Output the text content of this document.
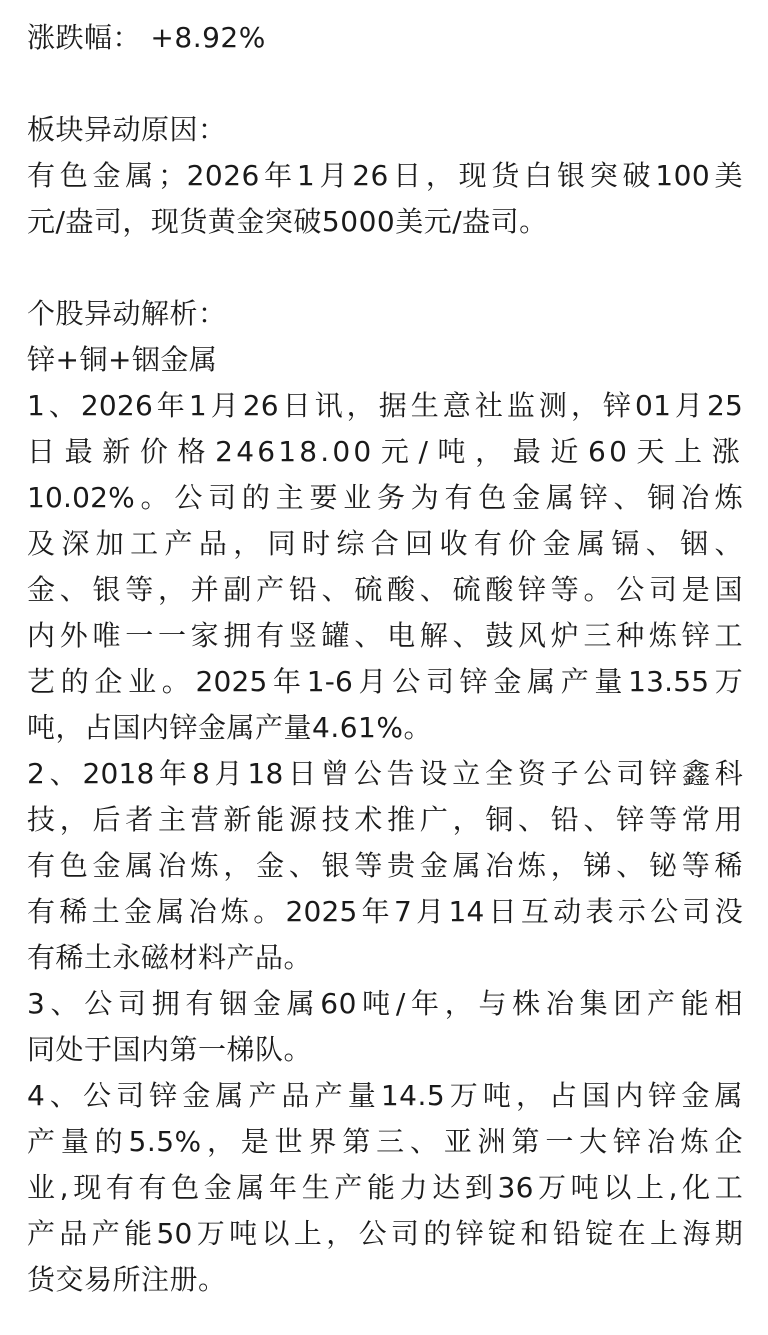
涨跌幅： +8.92%
板块异动原因：
有色金属；2026年1月26日，现货白银突破100美
元/盎司，现货黄金突破5000美元/盎司。
个股异动解析：
锌+铜+铟金属
1、2026年1月26日讯，据生意社监测，锌01月25
日最新价格24618.00元/吨，最近60天上涨
10.02%。公司的主要业务为有色金属锌、铜冶炼
及深加工产品，同时综合回收有价金属镉、铟、
金、银等，并副产铅、硫酸、硫酸锌等。公司是国
内外唯一一家拥有竖罐、电解、鼓风炉三种炼锌工
艺的企业。2025年1-6月公司锌金属产量13.55万
吨，占国内锌金属产量4.61%。
2、2018年8月18日曾公告设立全资子公司锌鑫科
技，后者主营新能源技术推广，铜、铅、锌等常用
有色金属冶炼，金、银等贵金属冶炼，锑、铋等稀
有稀土金属冶炼。2025年7月14日互动表示公司没
有稀土永磁材料产品。
3、公司拥有铟金属60吨/年，与株冶集团产能相
同处于国内第一梯队。
4、公司锌金属产品产量14.5万吨，占国内锌金属
产量的5.5%，是世界第三、亚洲第一大锌冶炼企
业,现有有色金属年生产能力达到36万吨以上,化工
产品产能50万吨以上，公司的锌锭和铅锭在上海期
货交易所注册。
